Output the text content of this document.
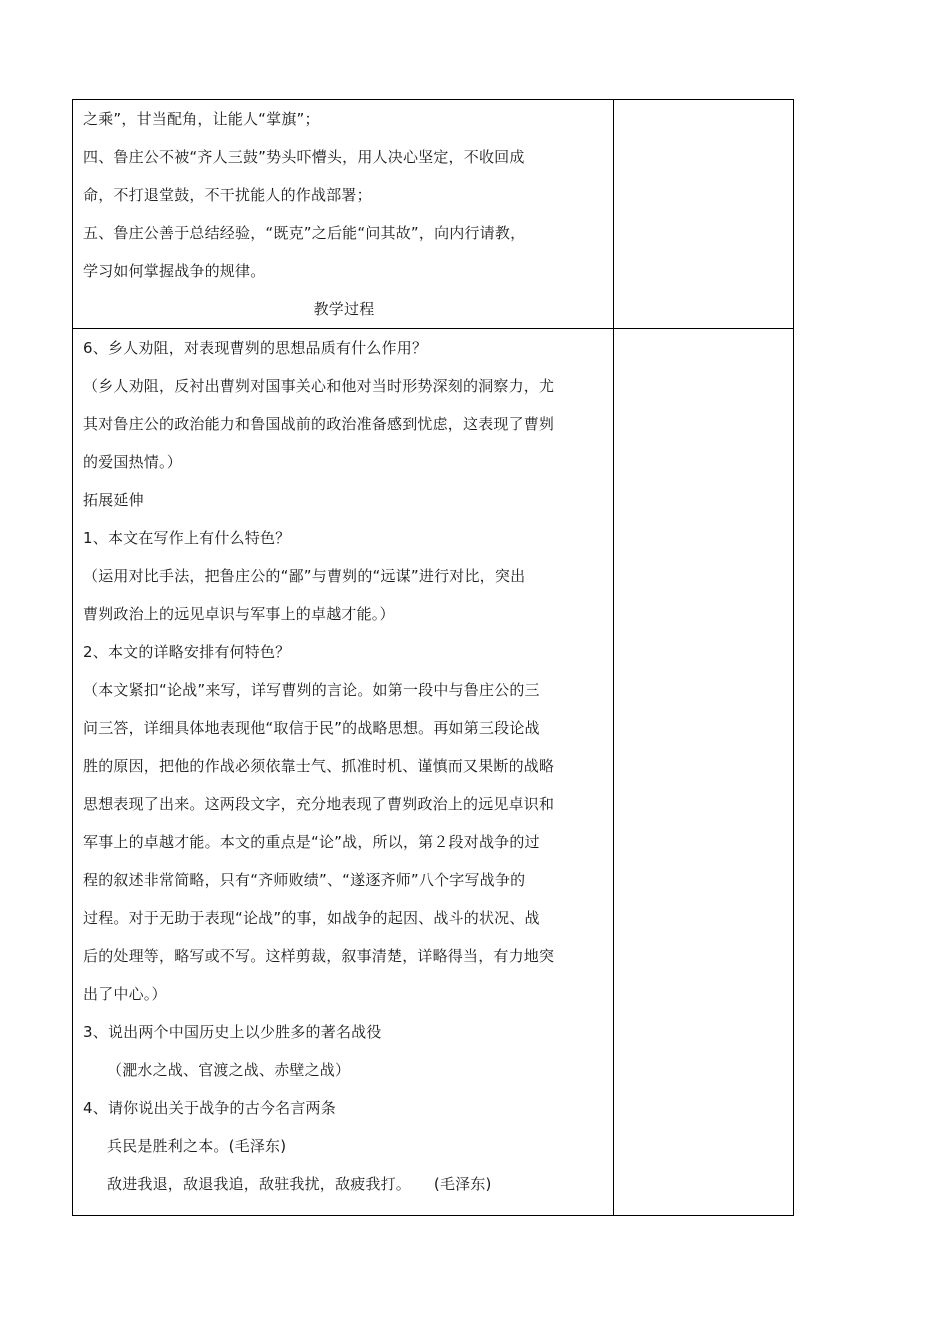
之乘”，甘当配角，让能人“掌旗”；
四、鲁庄公不被“齐人三鼓”势头吓懵头，用人决心坚定，不收回成
命，不打退堂鼓，不干扰能人的作战部署；
五、鲁庄公善于总结经验，“既克”之后能“问其故”，向内行请教，
学习如何掌握战争的规律。
教学过程
6、乡人劝阻，对表现曹刿的思想品质有什么作用？
（乡人劝阻，反衬出曹刿对国事关心和他对当时形势深刻的洞察力，尤
其对鲁庄公的政治能力和鲁国战前的政治准备感到忧虑，这表现了曹刿
的爱国热情。）
拓展延伸
1、本文在写作上有什么特色？
（运用对比手法，把鲁庄公的“鄙”与曹刿的“远谋”进行对比，突出
曹刿政治上的远见卓识与军事上的卓越才能。）
2、本文的详略安排有何特色？
（本文紧扣“论战”来写，详写曹刿的言论。如第一段中与鲁庄公的三
问三答，详细具体地表现他“取信于民”的战略思想。再如第三段论战
胜的原因，把他的作战必须依靠士气、抓准时机、谨慎而又果断的战略
思想表现了出来。这两段文字，充分地表现了曹刿政治上的远见卓识和
军事上的卓越才能。本文的重点是“论”战，所以，第２段对战争的过
程的叙述非常简略，只有“齐师败绩”、“遂逐齐师”八个字写战争的
过程。对于无助于表现“论战”的事，如战争的起因、战斗的状况、战
后的处理等，略写或不写。这样剪裁，叙事清楚，详略得当，有力地突
出了中心。）
3、说出两个中国历史上以少胜多的著名战役
（淝水之战、官渡之战、赤壁之战）
4、请你说出关于战争的古今名言两条
兵民是胜利之本。(毛泽东)
敌进我退，敌退我追，敌驻我扰，敌疲我打。　　(毛泽东)
